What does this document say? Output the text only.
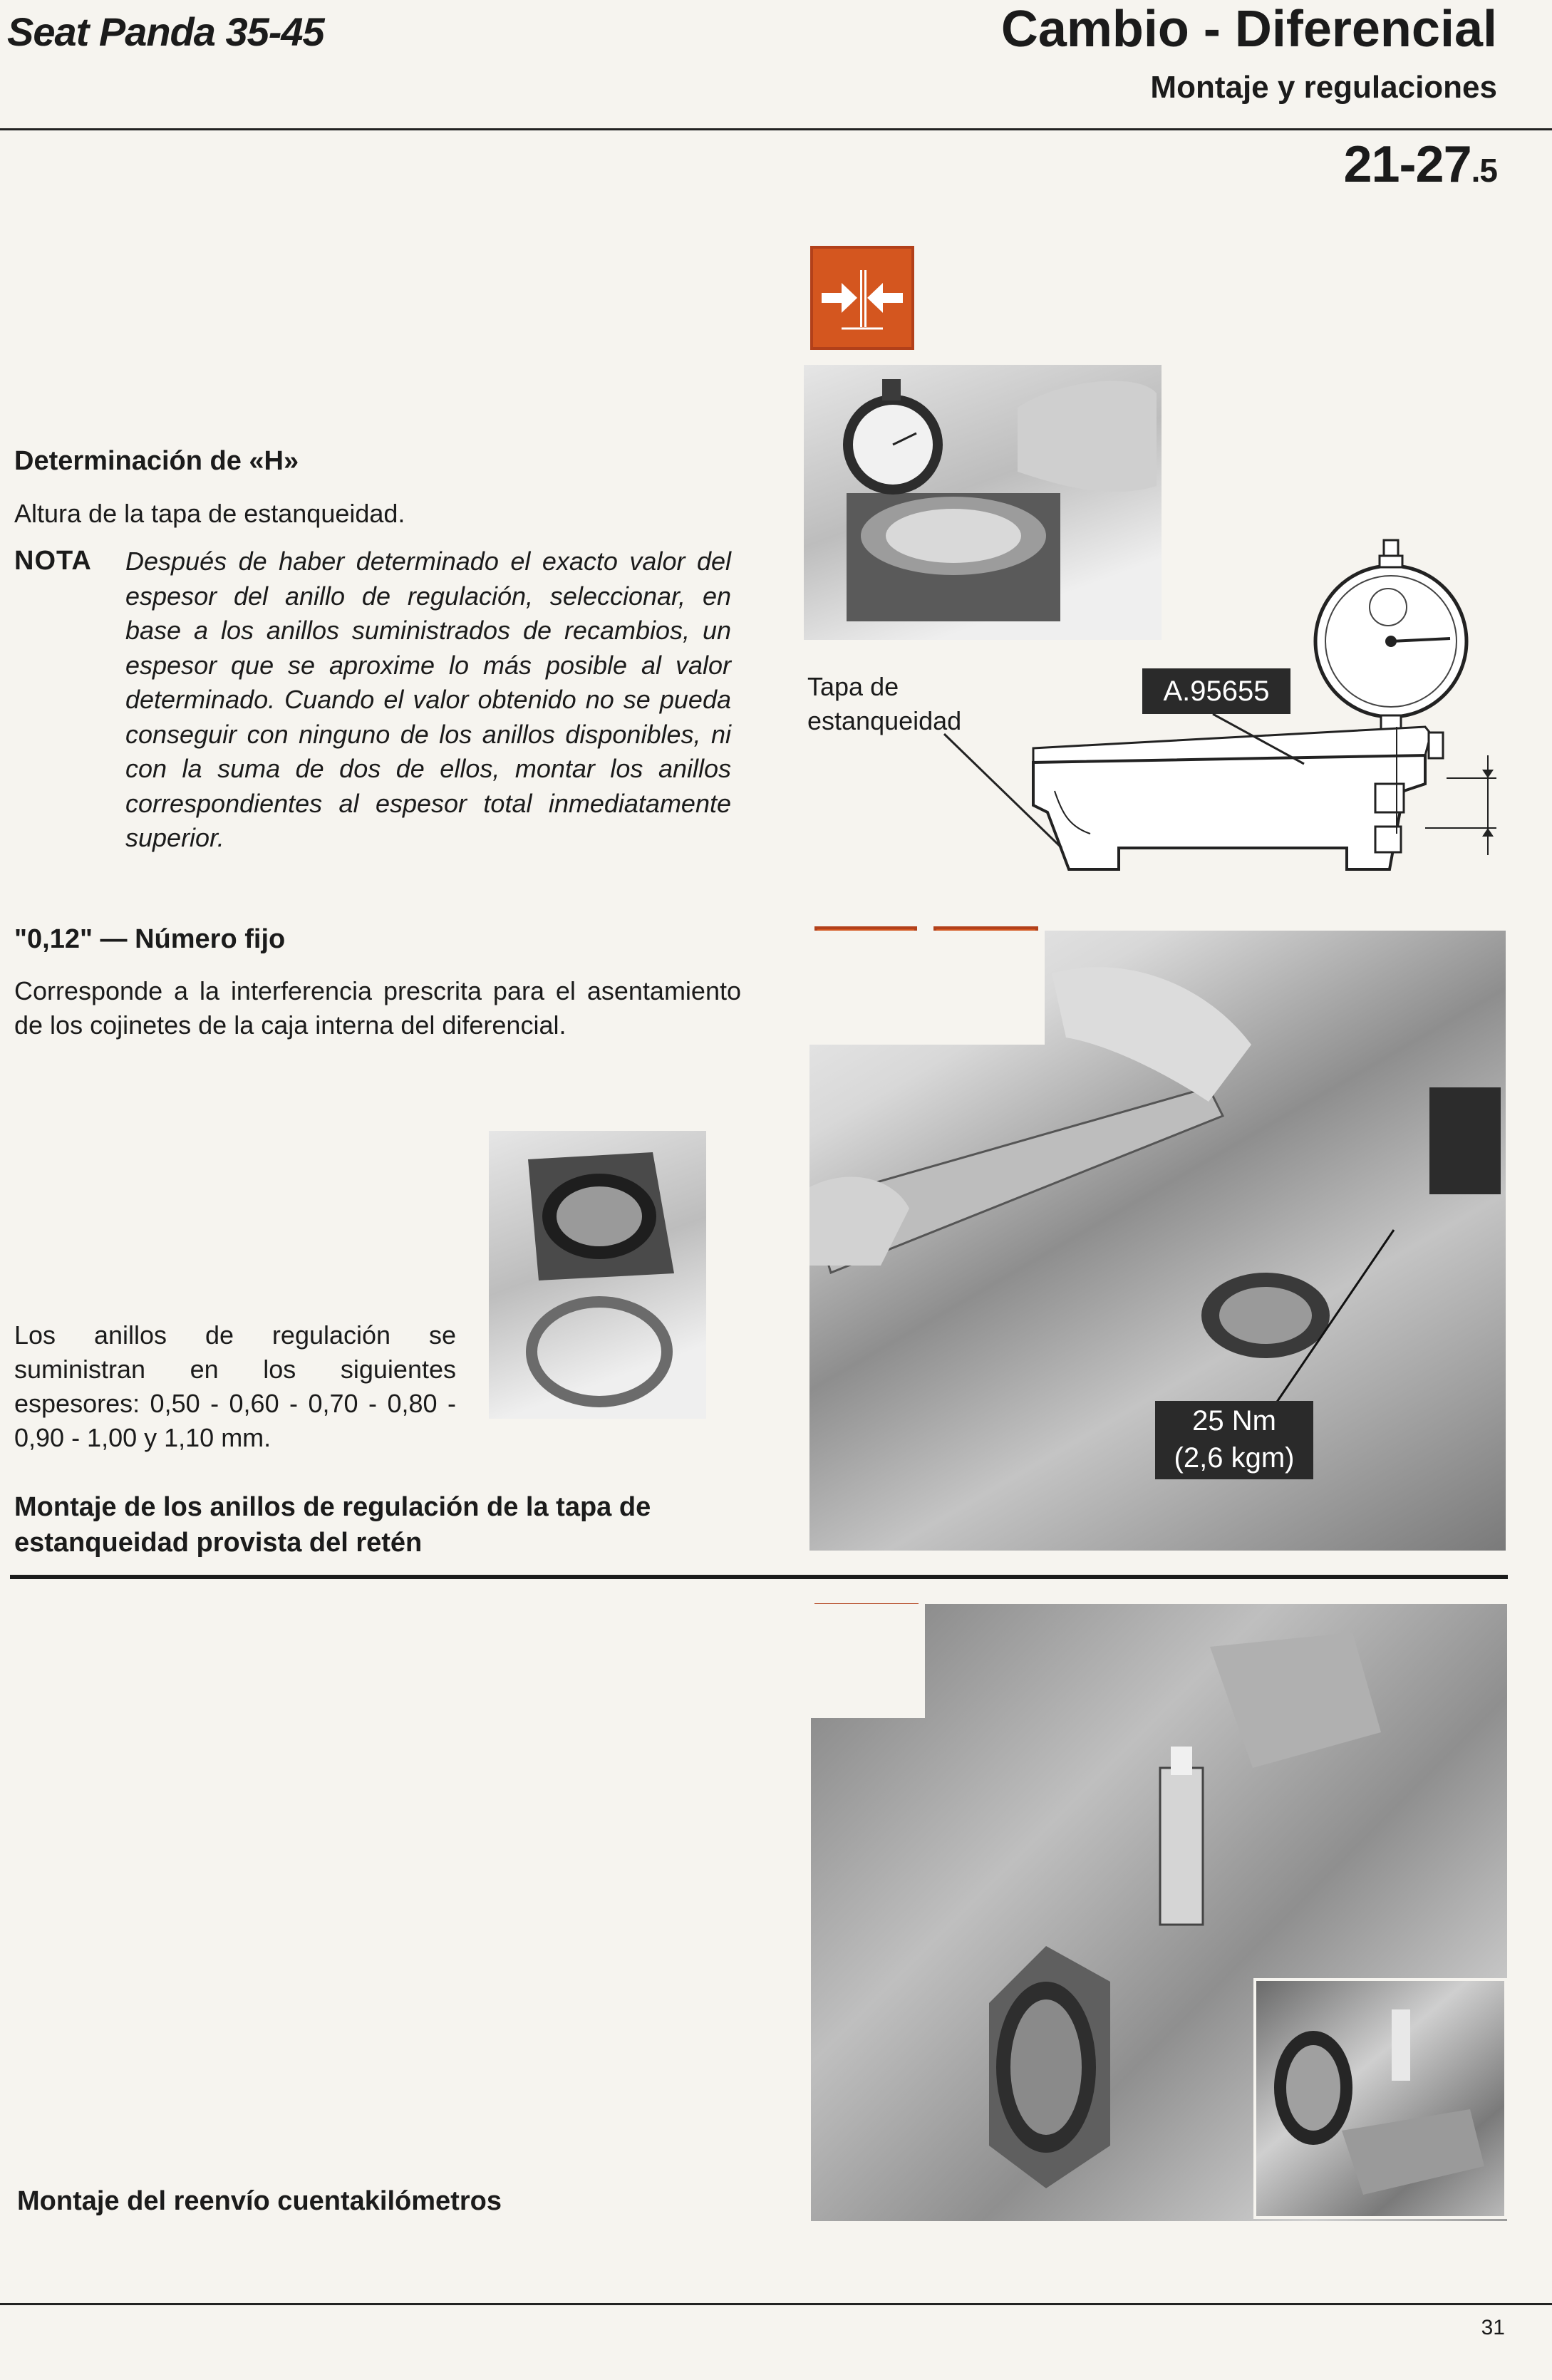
Seat Panda 35-45	Cambio - Diferencial
Montaje y regulaciones
21-27.5
Determinación de «H»
Altura de la tapa de estanqueidad.
NOTA Después de haber determinado el exacto valor del espesor del anillo de regulación, seleccionar, en base a los anillos suministrados de recambios, un espesor que se aproxime lo más posible al valor determinado. Cuando el valor obtenido no se pueda conseguir con ninguno de los anillos disponibles, ni con la suma de dos de ellos, montar los anillos correspondientes al espesor total inmediatamente superior.
Tapa de estanqueidad
A.95655
"0,12" — Número fijo
Corresponde a la interferencia prescrita para el asentamiento de los cojinetes de la caja interna del diferencial.
Los anillos de regulación se suministran en los siguientes espesores: 0,50 - 0,60 - 0,70 - 0,80 - 0,90 - 1,00 y 1,10 mm.
Montaje de los anillos de regulación de la tapa de estanqueidad provista del retén
25 Nm
(2,6 kgm)
Montaje del reenvío cuentakilómetros
31
